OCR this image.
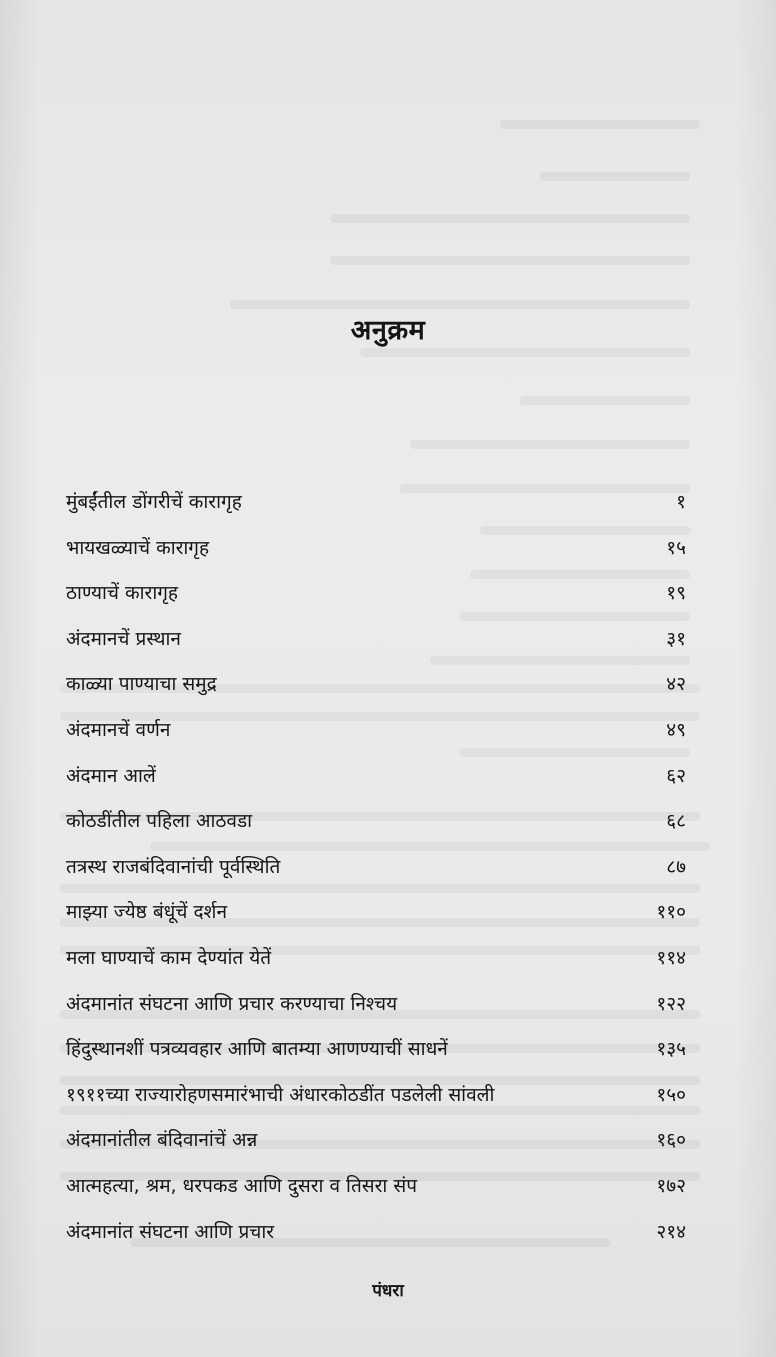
अनुक्रम
मुंबईंतील डोंगरीचें कारागृह	१
भायखळ्याचें कारागृह	१५
ठाण्याचें कारागृह	१९
अंदमानचें प्रस्थान	३१
काळ्या पाण्याचा समुद्र	४२
अंदमानचें वर्णन	४९
अंदमान आलें	६२
कोठडींतील पहिला आठवडा	६८
तत्रस्थ राजबंदिवानांची पूर्वस्थिति	८७
माझ्या ज्येष्ठ बंधूंचें दर्शन	११०
मला घाण्याचें काम देण्यांत येतें	११४
अंदमानांत संघटना आणि प्रचार करण्याचा निश्चय	१२२
हिंदुस्थानशीं पत्रव्यवहार आणि बातम्या आणण्याचीं साधनें	१३५
१९११च्या राज्यारोहणसमारंभाची अंधारकोठडींत पडलेली सांवली	१५०
अंदमानांतील बंदिवानांचें अन्न	१६०
आत्महत्या, श्रम, धरपकड आणि दुसरा व तिसरा संप	१७२
अंदमानांत संघटना आणि प्रचार	२१४
पंधरा
